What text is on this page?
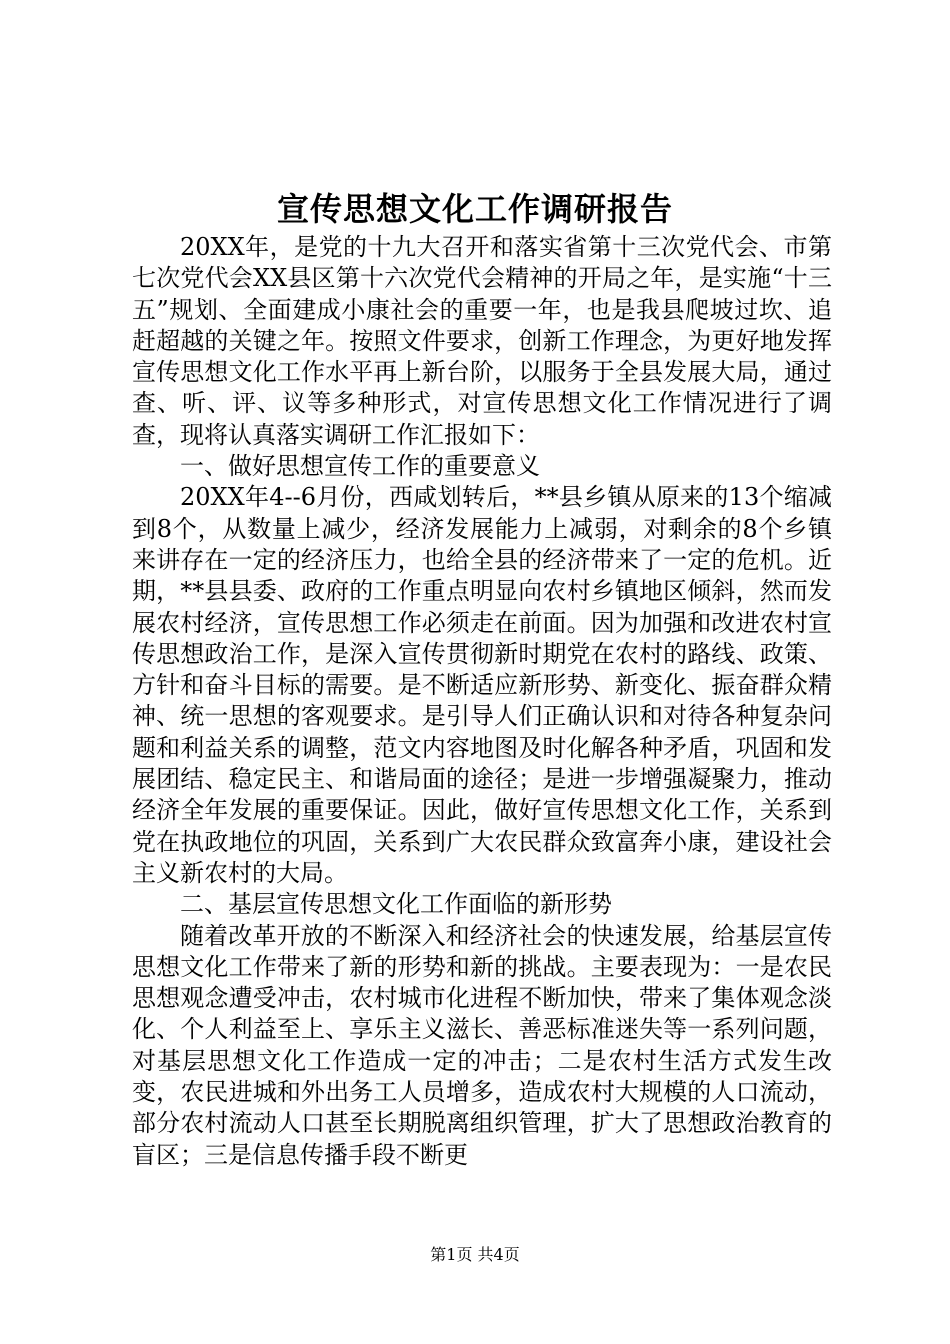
宣传思想文化工作调研报告

20XX年，是党的十九大召开和落实省第十三次党代会、市第七次党代会XX县区第十六次党代会精神的开局之年，是实施“十三五”规划、全面建成小康社会的重要一年，也是我县爬坡过坎、追赶超越的关键之年。按照文件要求，创新工作理念，为更好地发挥宣传思想文化工作水平再上新台阶，以服务于全县发展大局，通过查、听、评、议等多种形式，对宣传思想文化工作情况进行了调查，现将认真落实调研工作汇报如下：

一、做好思想宣传工作的重要意义

20XX年4--6月份，西咸划转后，**县乡镇从原来的13个缩减到8个，从数量上减少，经济发展能力上减弱，对剩余的8个乡镇来讲存在一定的经济压力，也给全县的经济带来了一定的危机。近期，**县县委、政府的工作重点明显向农村乡镇地区倾斜，然而发展农村经济，宣传思想工作必须走在前面。因为加强和改进农村宣传思想政治工作，是深入宣传贯彻新时期党在农村的路线、政策、方针和奋斗目标的需要。是不断适应新形势、新变化、振奋群众精神、统一思想的客观要求。是引导人们正确认识和对待各种复杂问题和利益关系的调整，范文内容地图及时化解各种矛盾，巩固和发展团结、稳定民主、和谐局面的途径；是进一步增强凝聚力，推动经济全年发展的重要保证。因此，做好宣传思想文化工作，关系到党在执政地位的巩固，关系到广大农民群众致富奔小康，建设社会主义新农村的大局。

二、基层宣传思想文化工作面临的新形势

随着改革开放的不断深入和经济社会的快速发展，给基层宣传思想文化工作带来了新的形势和新的挑战。主要表现为：一是农民思想观念遭受冲击，农村城市化进程不断加快，带来了集体观念淡化、个人利益至上、享乐主义滋长、善恶标准迷失等一系列问题，对基层思想文化工作造成一定的冲击；二是农村生活方式发生改变，农民进城和外出务工人员增多，造成农村大规模的人口流动，部分农村流动人口甚至长期脱离组织管理，扩大了思想政治教育的盲区；三是信息传播手段不断更

第1页 共4页
